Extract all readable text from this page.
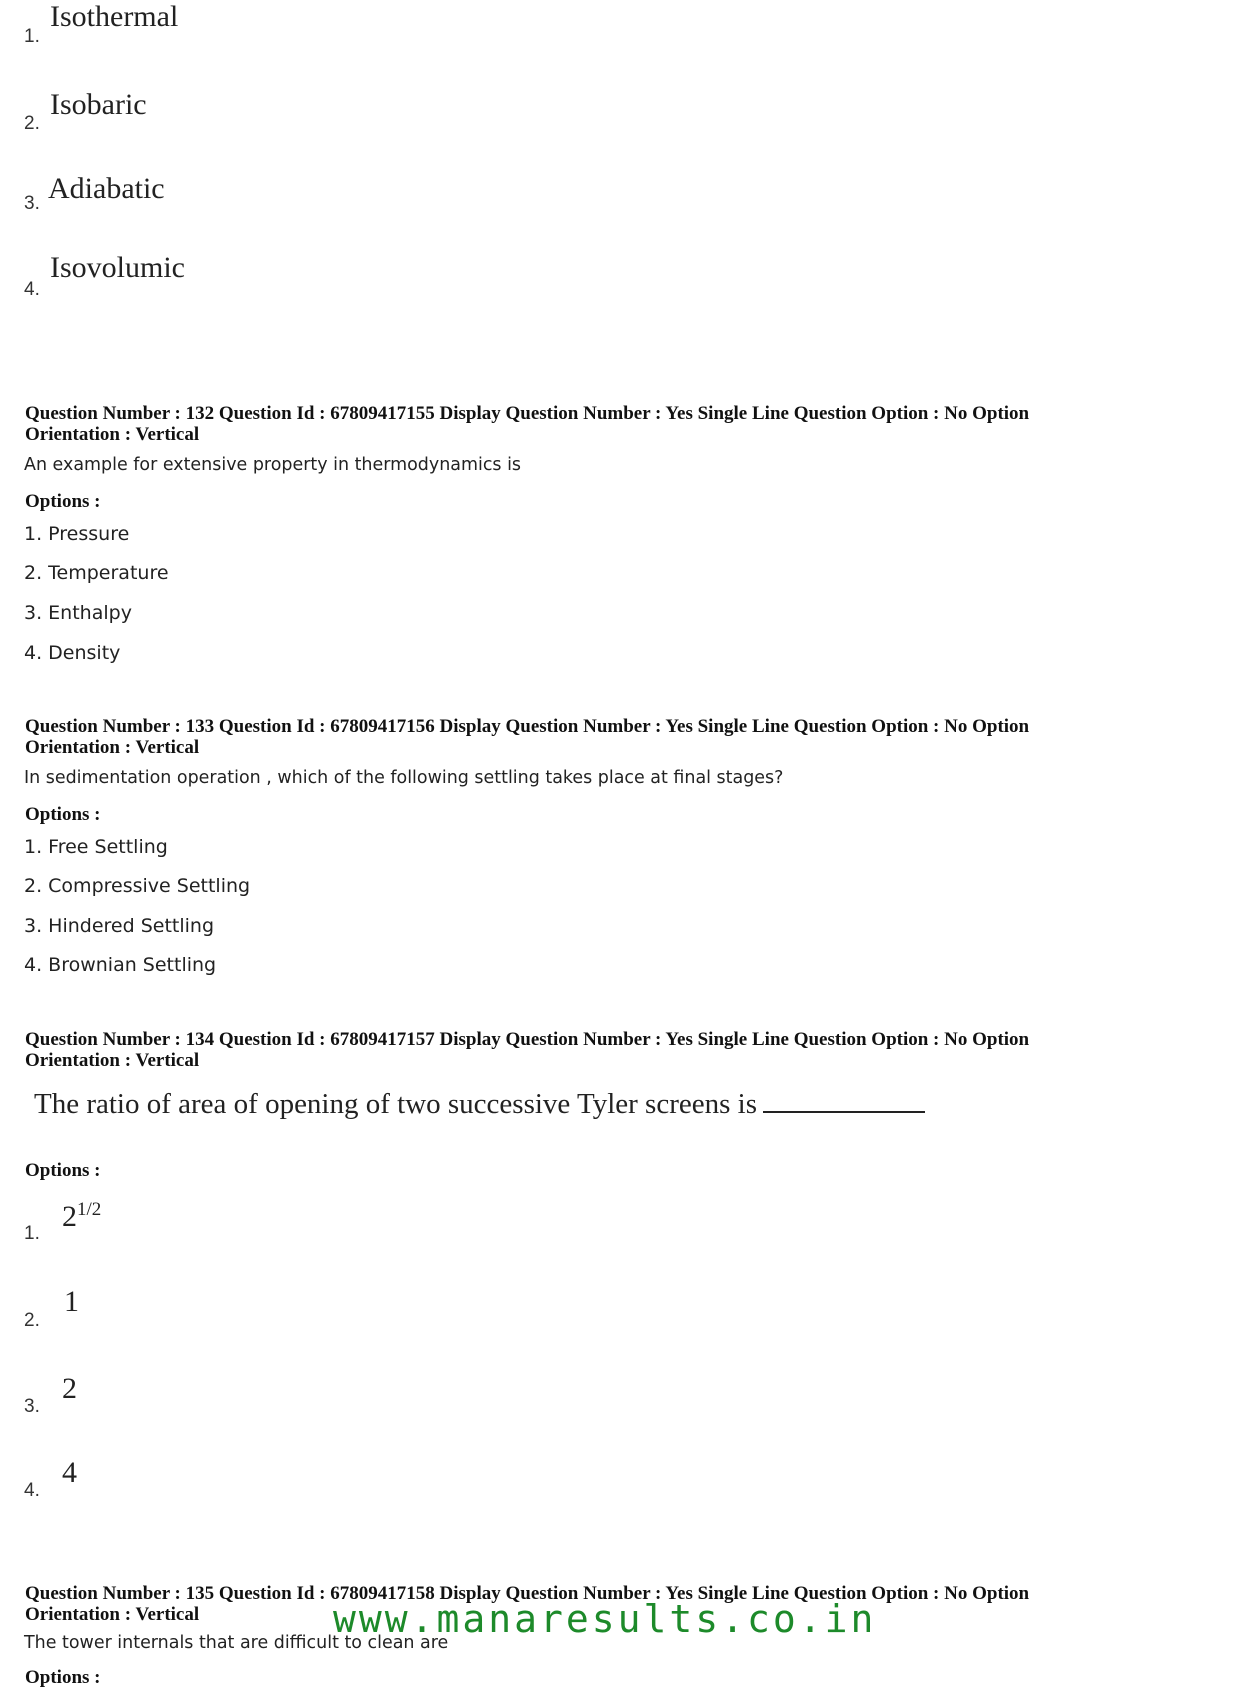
1.
Isothermal
2.
Isobaric
3. Adiabatic
4.
Isovolumic
Question Number : 132 Question Id : 67809417155 Display Question Number : Yes Single Line Question Option : No Option
Orientation : Vertical
An example for extensive property in thermodynamics is
Options :
1. Pressure
2. Temperature
3. Enthalpy
4. Density
Question Number : 133 Question Id : 67809417156 Display Question Number : Yes Single Line Question Option : No Option
Orientation : Vertical
In sedimentation operation , which of the following settling takes place at final stages?
Options :
1. Free Settling
2. Compressive Settling
3. Hindered Settling
4. Brownian Settling
Question Number : 134 Question Id : 67809417157 Display Question Number : Yes Single Line Question Option : No Option
Orientation : Vertical
The ratio of area of opening of two successive Tyler screens is
Options :
1.
$2^{1/2}$
2.
1
3.
2
4.
4
Question Number : 135 Question Id : 67809417158 Display Question Number : Yes Single Line Question Option : No Option
Orientation : Vertical
The tower internals that are difficult to clean are
Options :
www.manaresults.co.in
